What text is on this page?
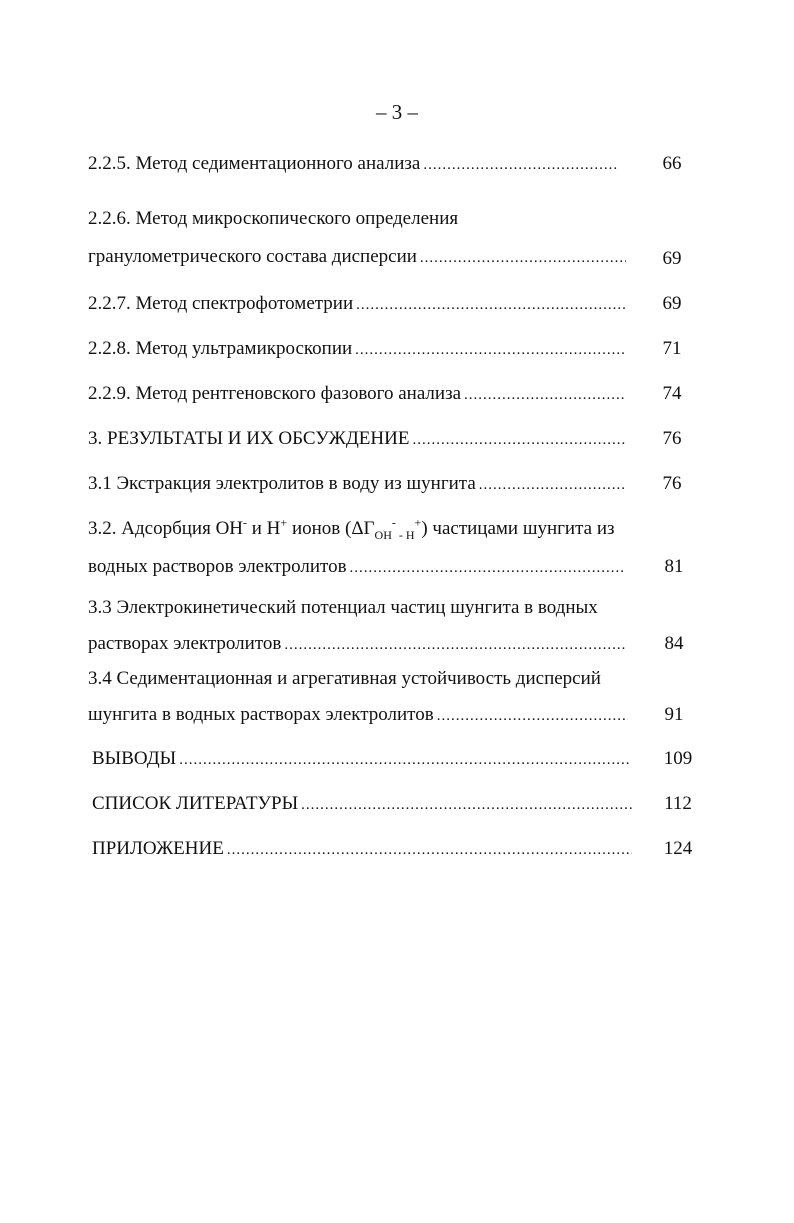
– 3 –
2.2.5. Метод седиментационного анализа .....	66
2.2.6. Метод микроскопического определения
гранулометрического состава дисперсии .....	69
2.2.7. Метод спектрофотометрии .....	69
2.2.8. Метод ультрамикроскопии .....	71
2.2.9. Метод рентгеновского фазового анализа .....	74
3. РЕЗУЛЬТАТЫ И ИХ ОБСУЖДЕНИЕ .....	76
3.1 Экстракция электролитов в воду из шунгита .....	76
3.2. Адсорбция ОН- и Н+ ионов ($\Delta Г_{OH}^-$ $_{- H}$+) частицами шунгита из
водных растворов электролитов .....	81
3.3 Электрокинетический потенциал частиц шунгита в водных
растворах электролитов .....	84
3.4 Седиментационная и агрегативная устойчивость дисперсий
шунгита в водных растворах электролитов .....	91
ВЫВОДЫ .....	109
СПИСОК ЛИТЕРАТУРЫ .....	112
ПРИЛОЖЕНИЕ .....	124
